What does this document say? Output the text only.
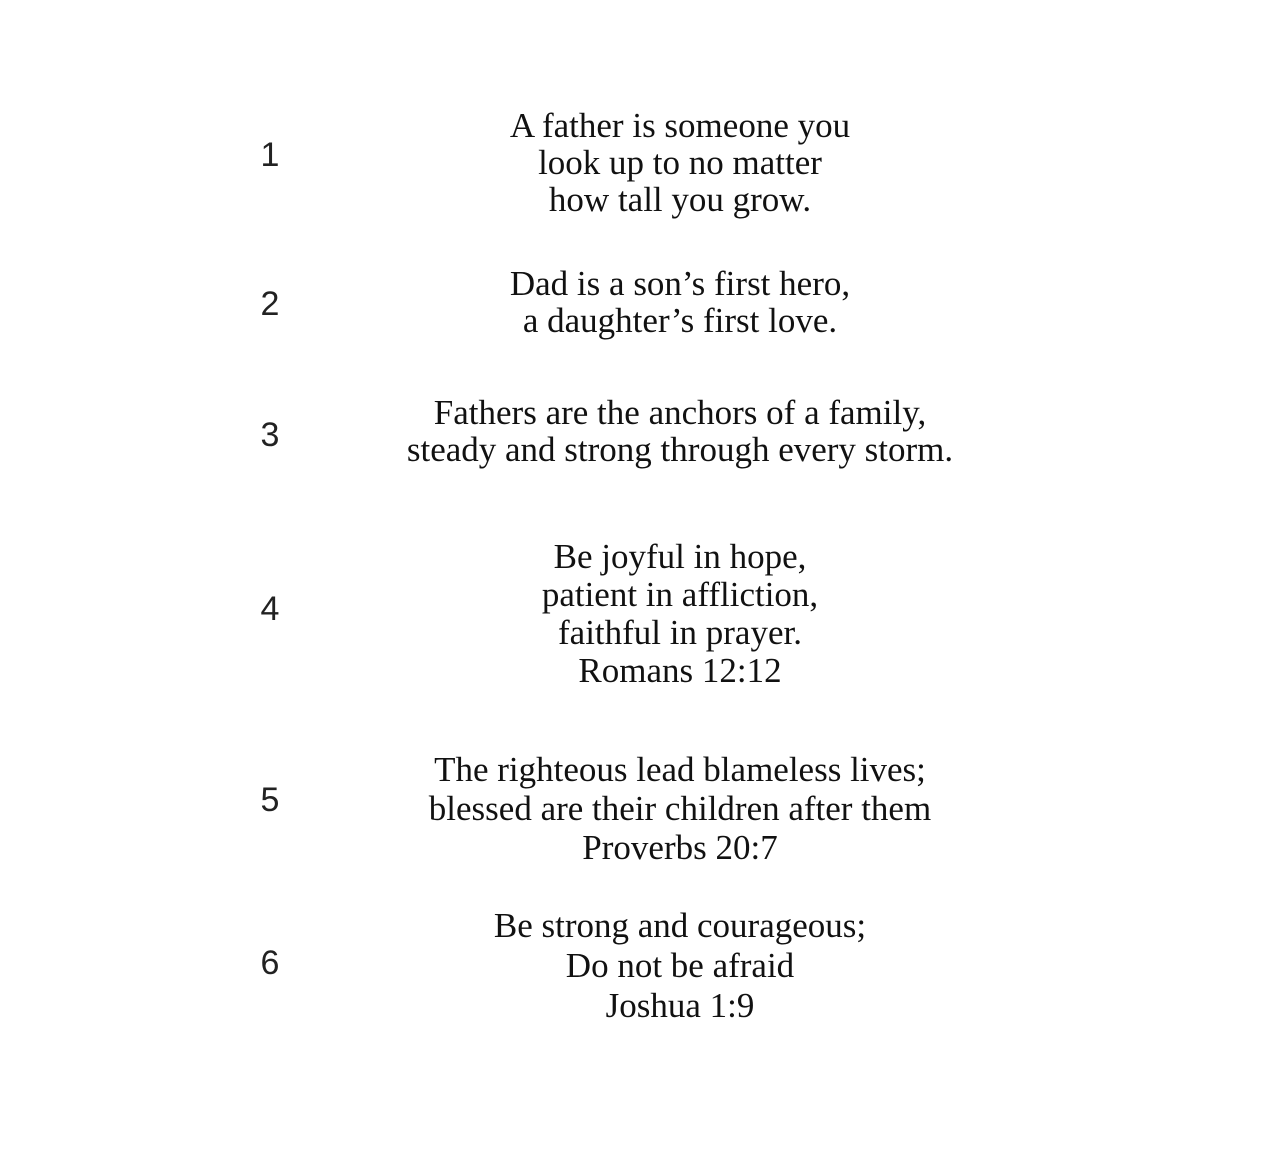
1
A father is someone you
look up to no matter
how tall you grow.
2
Dad is a son’s first hero,
a daughter’s first love.
3
Fathers are the anchors of a family,
steady and strong through every storm.
4
Be joyful in hope,
patient in affliction,
faithful in prayer.
Romans 12:12
5
The righteous lead blameless lives;
blessed are their children after them
Proverbs 20:7
6
Be strong and courageous;
Do not be afraid
Joshua 1:9
